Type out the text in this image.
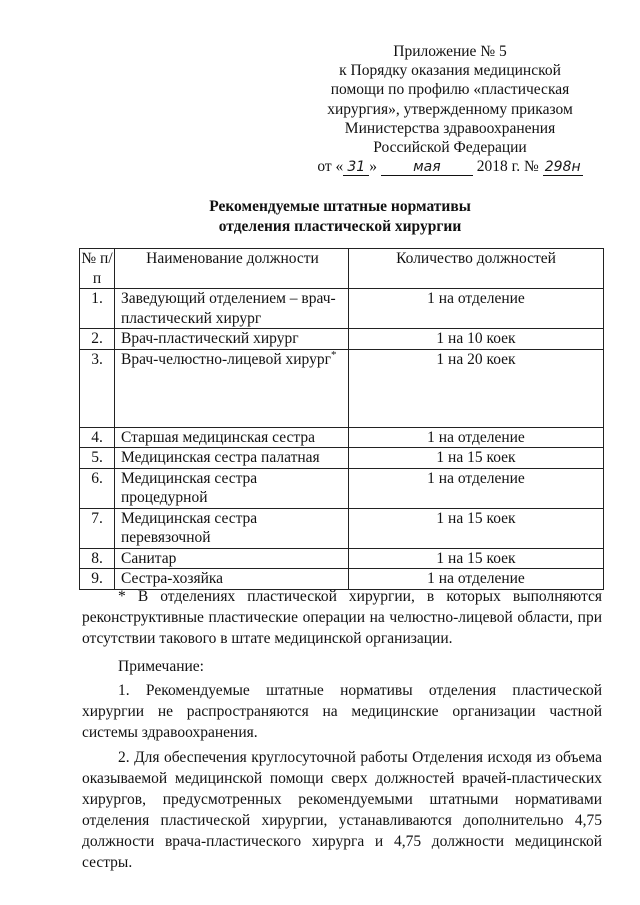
Приложение № 5
к Порядку оказания медицинской
помощи по профилю «пластическая
хирургия», утвержденному приказом
Министерства здравоохранения
Российской Федерации
от « 31 »	мая 2018 г. № 298н
Рекомендуемые штатные нормативы
отделения пластической хирургии
№ п/п	Наименование должности	Количество должностей
1.	Заведующий отделением – врач-пластический хирург	1 на отделение
2.	Врач-пластический хирург	1 на 10 коек
3.	Врач-челюстно-лицевой хирург*	1 на 20 коек
4.	Старшая медицинская сестра	1 на отделение
5.	Медицинская сестра палатная	1 на 15 коек
6.	Медицинская сестра процедурной	1 на отделение
7.	Медицинская сестра перевязочной	1 на 15 коек
8.	Санитар	1 на 15 коек
9.	Сестра-хозяйка	1 на отделение
* В отделениях пластической хирургии, в которых выполняются реконструктивные пластические операции на челюстно-лицевой области, при отсутствии такового в штате медицинской организации.
Примечание:
1. Рекомендуемые штатные нормативы отделения пластической хирургии не распространяются на медицинские организации частной системы здравоохранения.
2. Для обеспечения круглосуточной работы Отделения исходя из объема оказываемой медицинской помощи сверх должностей врачей-пластических хирургов, предусмотренных рекомендуемыми штатными нормативами отделения пластической хирургии, устанавливаются дополнительно 4,75 должности врача-пластического хирурга и 4,75 должности медицинской сестры.
